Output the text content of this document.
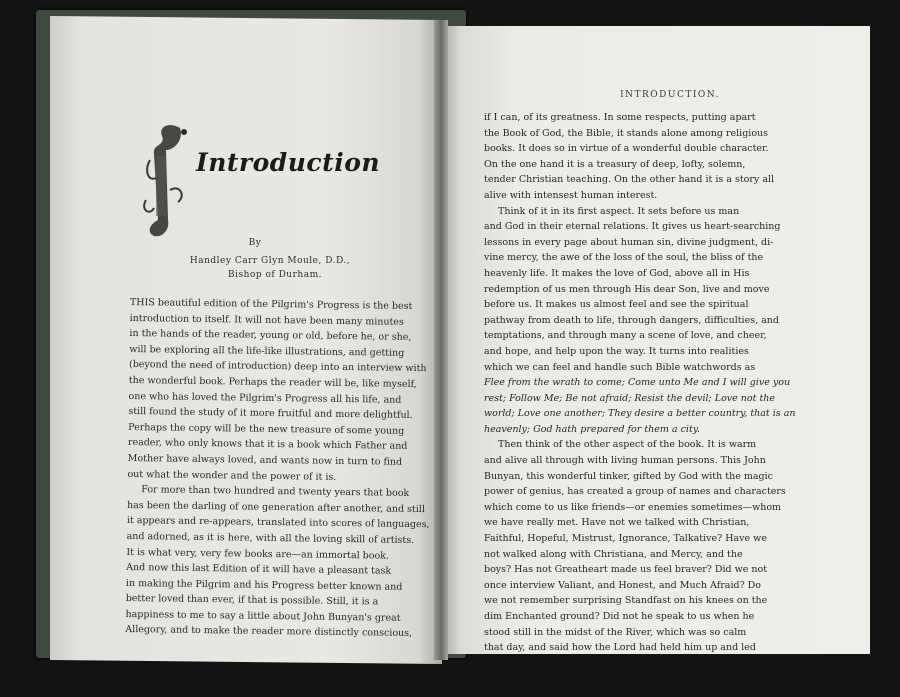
Introduction
By
Handley Carr Glyn Moule, D.D.,
Bishop of Durham.
THIS beautiful edition of the Pilgrim's Progress is the best
introduction to itself. It will not have been many minutes
in the hands of the reader, young or old, before he, or she,
will be exploring all the life-like illustrations, and getting
(beyond the need of introduction) deep into an interview with
the wonderful book. Perhaps the reader will be, like myself,
one who has loved the Pilgrim's Progress all his life, and
still found the study of it more fruitful and more delightful.
Perhaps the copy will be the new treasure of some young
reader, who only knows that it is a book which Father and
Mother have always loved, and wants now in turn to find
out what the wonder and the power of it is.
For more than two hundred and twenty years that book
has been the darling of one generation after another, and still
it appears and re-appears, translated into scores of languages,
and adorned, as it is here, with all the loving skill of artists.
It is what very, very few books are—an immortal book.
And now this last Edition of it will have a pleasant task
in making the Pilgrim and his Progress better known and
better loved than ever, if that is possible. Still, it is a
happiness to me to say a little about John Bunyan's great
Allegory, and to make the reader more distinctly conscious,
INTRODUCTION.
if I can, of its greatness. In some respects, putting apart
the Book of God, the Bible, it stands alone among religious
books. It does so in virtue of a wonderful double character.
On the one hand it is a treasury of deep, lofty, solemn,
tender Christian teaching. On the other hand it is a story all
alive with intensest human interest.
Think of it in its first aspect. It sets before us man
and God in their eternal relations. It gives us heart-searching
lessons in every page about human sin, divine judgment, di-
vine mercy, the awe of the loss of the soul, the bliss of the
heavenly life. It makes the love of God, above all in His
redemption of us men through His dear Son, live and move
before us. It makes us almost feel and see the spiritual
pathway from death to life, through dangers, difficulties, and
temptations, and through many a scene of love, and cheer,
and hope, and help upon the way. It turns into realities
which we can feel and handle such Bible watchwords as
Flee from the wrath to come; Come unto Me and I will give you
rest; Follow Me; Be not afraid; Resist the devil; Love not the
world; Love one another; They desire a better country, that is an
heavenly; God hath prepared for them a city.
Then think of the other aspect of the book. It is warm
and alive all through with living human persons. This John
Bunyan, this wonderful tinker, gifted by God with the magic
power of genius, has created a group of names and characters
which come to us like friends—or enemies sometimes—whom
we have really met. Have not we talked with Christian,
Faithful, Hopeful, Mistrust, Ignorance, Talkative? Have we
not walked along with Christiana, and Mercy, and the
boys? Has not Greatheart made us feel braver? Did we not
once interview Valiant, and Honest, and Much Afraid? Do
we not remember surprising Standfast on his knees on the
dim Enchanted ground? Did not he speak to us when he
stood still in the midst of the River, which was so calm
that day, and said how the Lord had held him up and led
